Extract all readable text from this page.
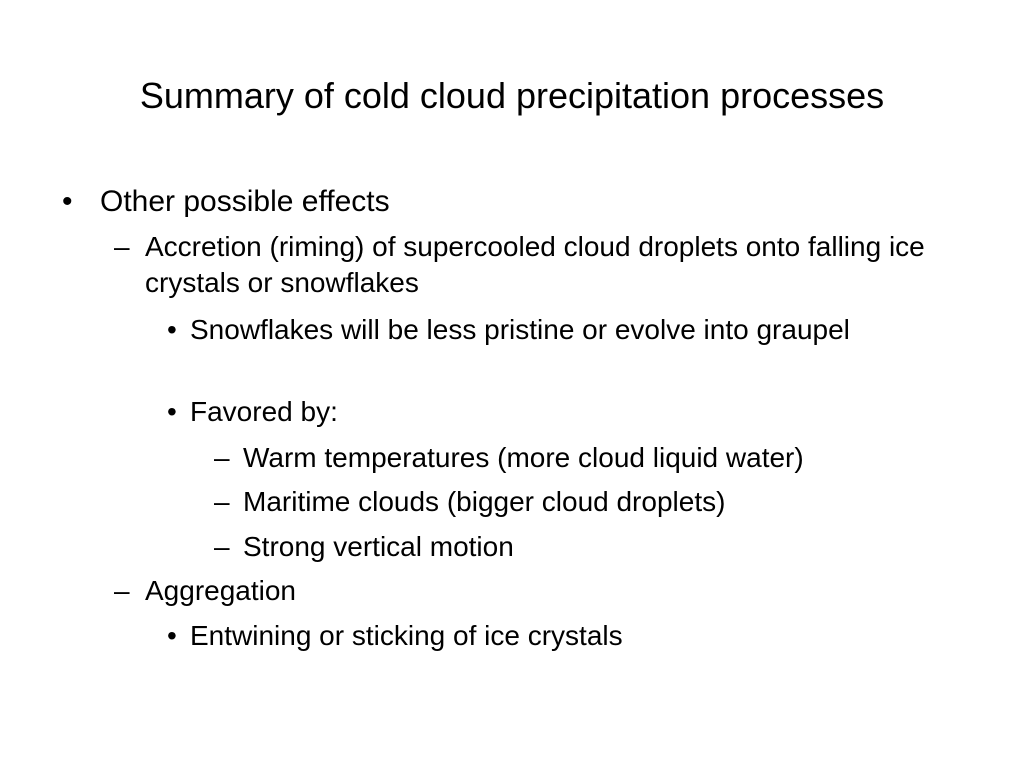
Summary of cold cloud precipitation processes
• Other possible effects
– Accretion (riming) of supercooled cloud droplets onto falling ice crystals or snowflakes
• Snowflakes will be less pristine or evolve into graupel
• Favored by:
– Warm temperatures (more cloud liquid water)
– Maritime clouds (bigger cloud droplets)
– Strong vertical motion
– Aggregation
• Entwining or sticking of ice crystals
